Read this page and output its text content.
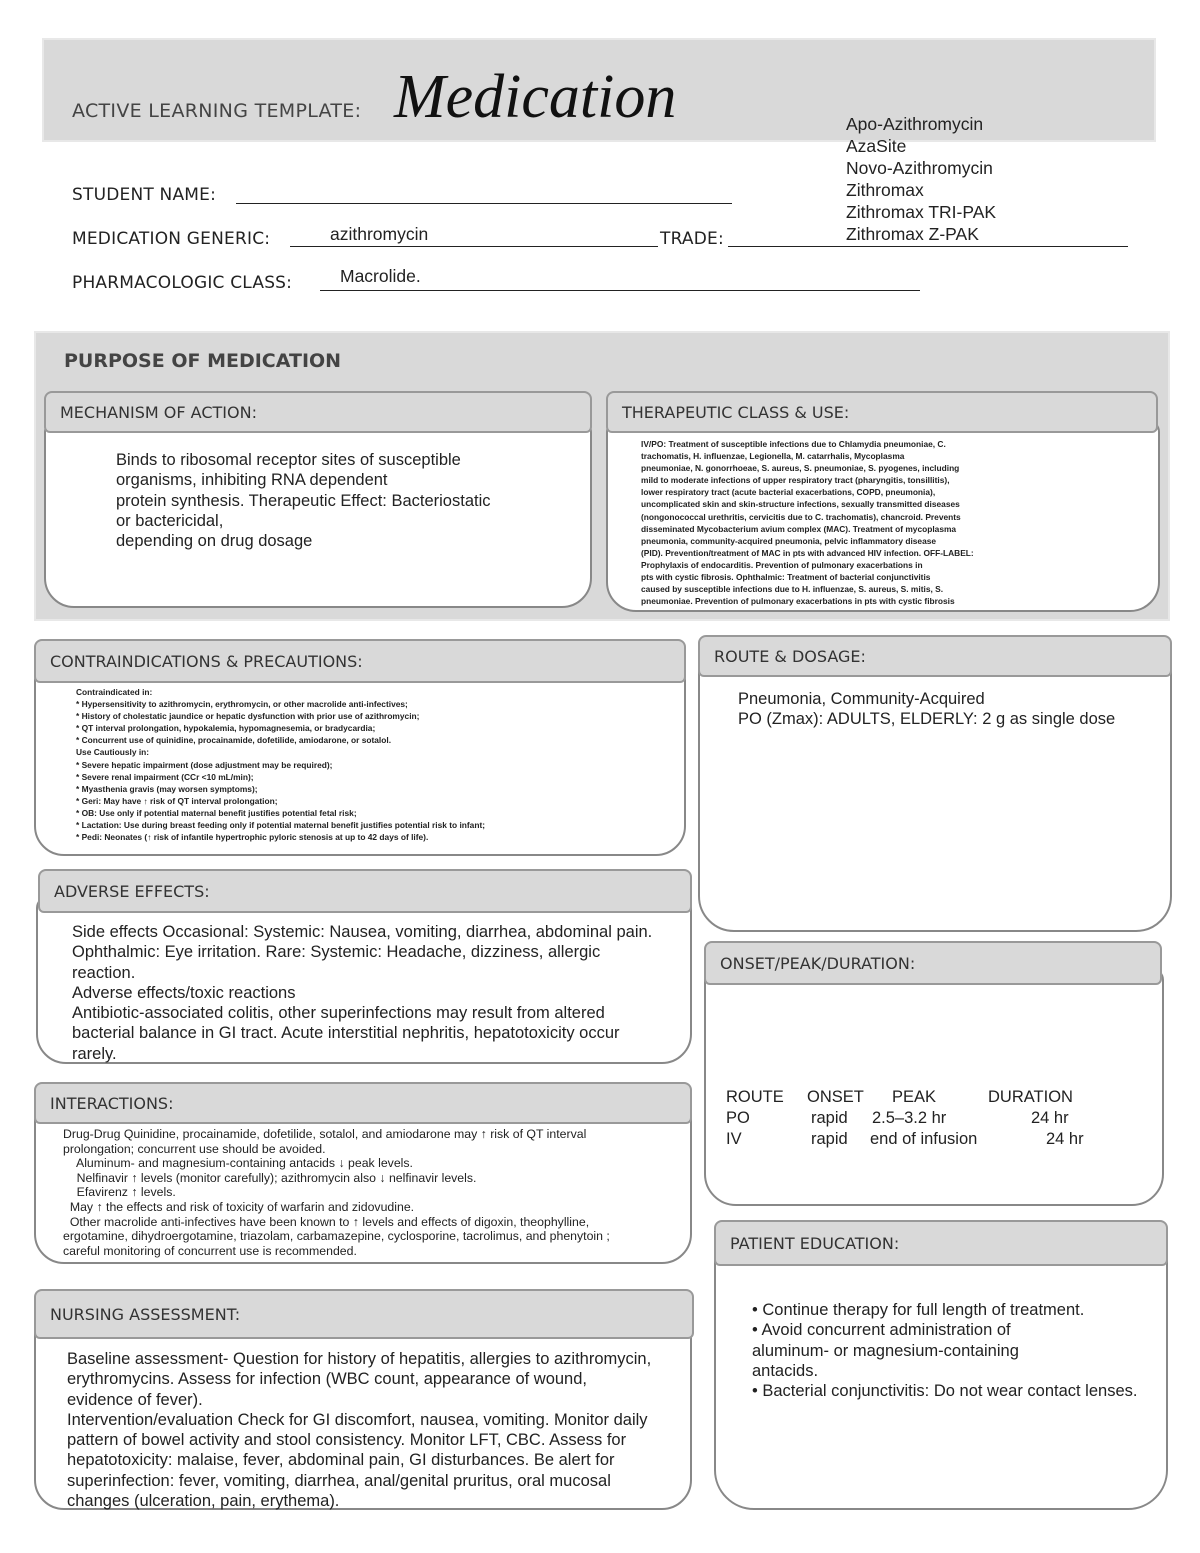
ACTIVE LEARNING TEMPLATE: Medication
STUDENT NAME:
MEDICATION GENERIC:	azithromycin	TRADE:
Apo-Azithromycin
AzaSite
Novo-Azithromycin
Zithromax
Zithromax TRI-PAK
Zithromax Z-PAK
PHARMACOLOGIC CLASS:	Macrolide.
PURPOSE OF MEDICATION
MECHANISM OF ACTION:
Binds to ribosomal receptor sites of susceptible
organisms, inhibiting RNA dependent
protein synthesis. Therapeutic Effect: Bacteriostatic
or bactericidal,
depending on drug dosage
THERAPEUTIC CLASS & USE:
IV/PO: Treatment of susceptible infections due to Chlamydia pneumoniae, C.
trachomatis, H. influenzae, Legionella, M. catarrhalis, Mycoplasma
pneumoniae, N. gonorrhoeae, S. aureus, S. pneumoniae, S. pyogenes, including
mild to moderate infections of upper respiratory tract (pharyngitis, tonsillitis),
lower respiratory tract (acute bacterial exacerbations, COPD, pneumonia),
uncomplicated skin and skin-structure infections, sexually transmitted diseases
(nongonococcal urethritis, cervicitis due to C. trachomatis), chancroid. Prevents
disseminated Mycobacterium avium complex (MAC). Treatment of mycoplasma
pneumonia, community-acquired pneumonia, pelvic inflammatory disease
(PID). Prevention/treatment of MAC in pts with advanced HIV infection. OFF-LABEL:
Prophylaxis of endocarditis. Prevention of pulmonary exacerbations in
pts with cystic fibrosis. Ophthalmic: Treatment of bacterial conjunctivitis
caused by susceptible infections due to H. influenzae, S. aureus, S. mitis, S.
pneumoniae. Prevention of pulmonary exacerbations in pts with cystic fibrosis
CONTRAINDICATIONS & PRECAUTIONS:
Contraindicated in:
* Hypersensitivity to azithromycin, erythromycin, or other macrolide anti-infectives;
* History of cholestatic jaundice or hepatic dysfunction with prior use of azithromycin;
* QT interval prolongation, hypokalemia, hypomagnesemia, or bradycardia;
* Concurrent use of quinidine, procainamide, dofetilide, amiodarone, or sotalol.
Use Cautiously in:
* Severe hepatic impairment (dose adjustment may be required);
* Severe renal impairment (CCr <10 mL/min);
* Myasthenia gravis (may worsen symptoms);
* Geri: May have ↑ risk of QT interval prolongation;
* OB: Use only if potential maternal benefit justifies potential fetal risk;
* Lactation: Use during breast feeding only if potential maternal benefit justifies potential risk to infant;
* Pedi: Neonates (↑ risk of infantile hypertrophic pyloric stenosis at up to 42 days of life).
ROUTE & DOSAGE:
Pneumonia, Community-Acquired
PO (Zmax): ADULTS, ELDERLY: 2 g as single dose
ADVERSE EFFECTS:
Side effects Occasional: Systemic: Nausea, vomiting, diarrhea, abdominal pain.
Ophthalmic: Eye irritation. Rare: Systemic: Headache, dizziness, allergic
reaction.
Adverse effects/toxic reactions
Antibiotic-associated colitis, other superinfections may result from altered
bacterial balance in GI tract. Acute interstitial nephritis, hepatotoxicity occur
rarely.
ONSET/PEAK/DURATION:
ROUTE ONSET PEAK	DURATION
PO	rapid 2.5–3.2 hr	24 hr
IV	rapid end of infusion	24 hr
INTERACTIONS:
Drug-Drug Quinidine, procainamide, dofetilide, sotalol, and amiodarone may ↑ risk of QT interval
prolongation; concurrent use should be avoided.
Aluminum- and magnesium-containing antacids ↓ peak levels.
Nelfinavir ↑ levels (monitor carefully); azithromycin also ↓ nelfinavir levels.
Efavirenz ↑ levels.
May ↑ the effects and risk of toxicity of warfarin and zidovudine.
Other macrolide anti-infectives have been known to ↑ levels and effects of digoxin, theophylline,
ergotamine, dihydroergotamine, triazolam, carbamazepine, cyclosporine, tacrolimus, and phenytoin ;
careful monitoring of concurrent use is recommended.	PATIENT EDUCATION:
• Continue therapy for full length of treatment.
• Avoid concurrent administration of
aluminum- or magnesium-containing
antacids.
• Bacterial conjunctivitis: Do not wear contact lenses.
NURSING ASSESSMENT:
Baseline assessment- Question for history of hepatitis, allergies to azithromycin,
erythromycins. Assess for infection (WBC count, appearance of wound,
evidence of fever).
Intervention/evaluation Check for GI discomfort, nausea, vomiting. Monitor daily
pattern of bowel activity and stool consistency. Monitor LFT, CBC. Assess for
hepatotoxicity: malaise, fever, abdominal pain, GI disturbances. Be alert for
superinfection: fever, vomiting, diarrhea, anal/genital pruritus, oral mucosal
changes (ulceration, pain, erythema).
